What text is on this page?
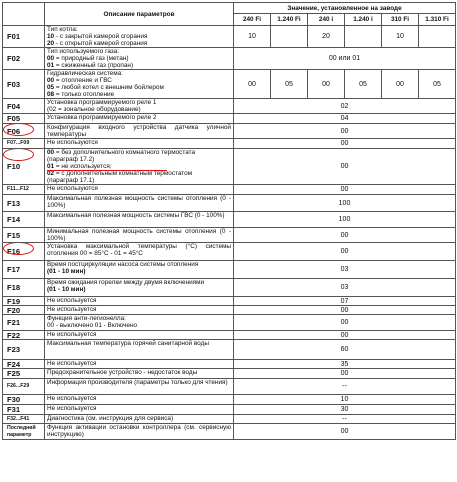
	Описание параметров	Значение, установленное на заводе					
		240 Fi	1.240 Fi	240 i	1.240 i	310 Fi	1.310 Fi
F01	Тип котла:
10 - с закрытой камерой сгорания
20 - с открытой камерой сгорания	10		20		10	
F02	Тип используемого газа:
00 = природный газ (метан)
01 = сжиженный газ (пропан)	00 или 01					
F03	Гидравлическая система:
00 = отопление и ГВС
05 = любой котел с внешним бойлером
08 = только отопление	00	05	00	05	00	05
F04	Установка программируемого реле 1
(02 = зональное оборудование)	02					
F05	Установка программируемого реле 2	04					
F06	Конфигурация входного устройства датчика уличной температуры	00					
F07...F09	Не используются	00					
F10	00 = без дополнительного комнатного термостата
(параграф 17.2)
01 = не используется;
02 = с дополнительным комнатным термостатом
(параграф 17.1)	00					
F11...F12	Не используются	00					
F13	Максимальная полезная мощность системы отопления (0 - 100%)	100					
F14	Максимальная полезная мощность системы ГВС (0 - 100%)	100					
F15	Минимальная полезная мощность системы отопления (0 - 100%)	00					
F16	Установка максимальной температуры (°С) системы отопления 00 = 85°С - 01 = 45°С	00					
F17	Время постциркуляции насоса системы отопления
(01 - 10 мин)	03					
F18	Время ожидания горелки между двумя включениями
(01 - 10 мин)	03					
F19	Не используется	07					
F20	Не используется	00					
F21	Функция анти-легионелла:
00 - выключено 01 - Включено	00					
F22	Не используется	00					
F23	Максимальная температура горячей санитарной воды	60					
F24	Не используется	35					
F25	Предохранительное устройство - недостаток воды	00					
F26...F29	Информация производителя (параметры только для чтения)	--					
F30	Не используется	10					
F31	Не используется	30					
F32...F41	Диагностика (см. инструкция для сервиса)	--					
Последний параметр	Функция активации остановки контроллера (см. сервисную инструкцию)	00					
